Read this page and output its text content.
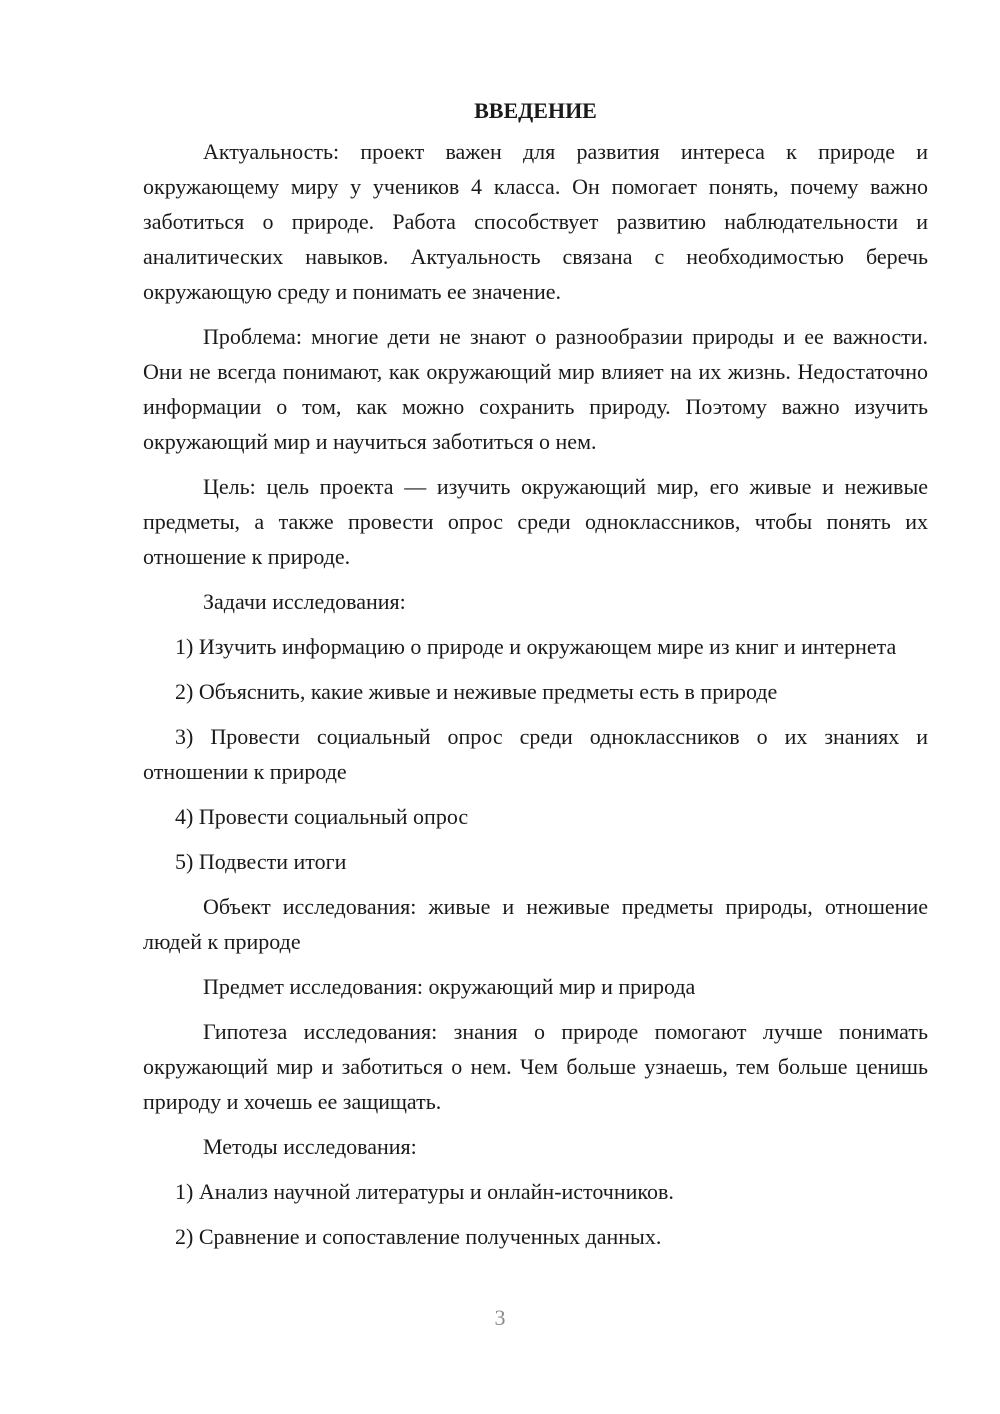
ВВЕДЕНИЕ

Актуальность: проект важен для развития интереса к природе и окружающему миру у учеников 4 класса. Он помогает понять, почему важно заботиться о природе. Работа способствует развитию наблюдательности и аналитических навыков. Актуальность связана с необходимостью беречь окружающую среду и понимать ее значение.

Проблема: многие дети не знают о разнообразии природы и ее важности. Они не всегда понимают, как окружающий мир влияет на их жизнь. Недостаточно информации о том, как можно сохранить природу. Поэтому важно изучить окружающий мир и научиться заботиться о нем.

Цель: цель проекта — изучить окружающий мир, его живые и неживые предметы, а также провести опрос среди одноклассников, чтобы понять их отношение к природе.

Задачи исследования:

1) Изучить информацию о природе и окружающем мире из книг и интернета

2) Объяснить, какие живые и неживые предметы есть в природе

3) Провести социальный опрос среди одноклассников о их знаниях и отношении к природе

4) Провести социальный опрос

5) Подвести итоги

Объект исследования: живые и неживые предметы природы, отношение людей к природе

Предмет исследования: окружающий мир и природа

Гипотеза исследования: знания о природе помогают лучше понимать окружающий мир и заботиться о нем. Чем больше узнаешь, тем больше ценишь природу и хочешь ее защищать.

Методы исследования:

1) Анализ научной литературы и онлайн-источников.

2) Сравнение и сопоставление полученных данных.

3
